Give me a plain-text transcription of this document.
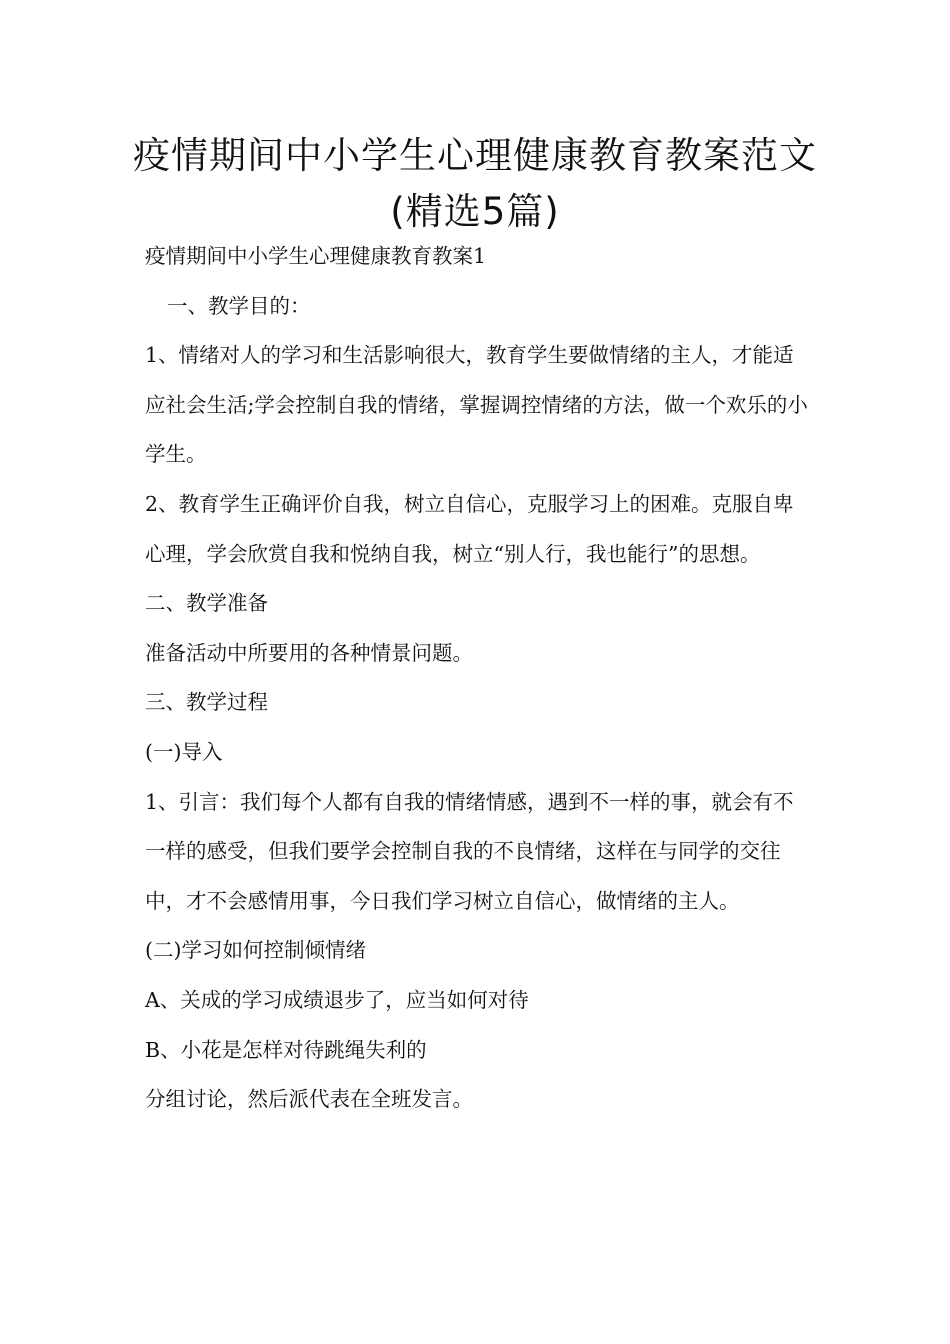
疫情期间中小学生心理健康教育教案范文(精选5篇)

疫情期间中小学生心理健康教育教案1

一、教学目的：

1、情绪对人的学习和生活影响很大，教育学生要做情绪的主人，才能适应社会生活;学会控制自我的情绪，掌握调控情绪的方法，做一个欢乐的小学生。

2、教育学生正确评价自我，树立自信心，克服学习上的困难。克服自卑心理，学会欣赏自我和悦纳自我，树立“别人行，我也能行”的思想。

二、教学准备

准备活动中所要用的各种情景问题。

三、教学过程

(一)导入

1、引言：我们每个人都有自我的情绪情感，遇到不一样的事，就会有不一样的感受，但我们要学会控制自我的不良情绪，这样在与同学的交往中，才不会感情用事，今日我们学习树立自信心，做情绪的主人。

(二)学习如何控制倾情绪

A、关成的学习成绩退步了，应当如何对待

B、小花是怎样对待跳绳失利的

分组讨论，然后派代表在全班发言。
